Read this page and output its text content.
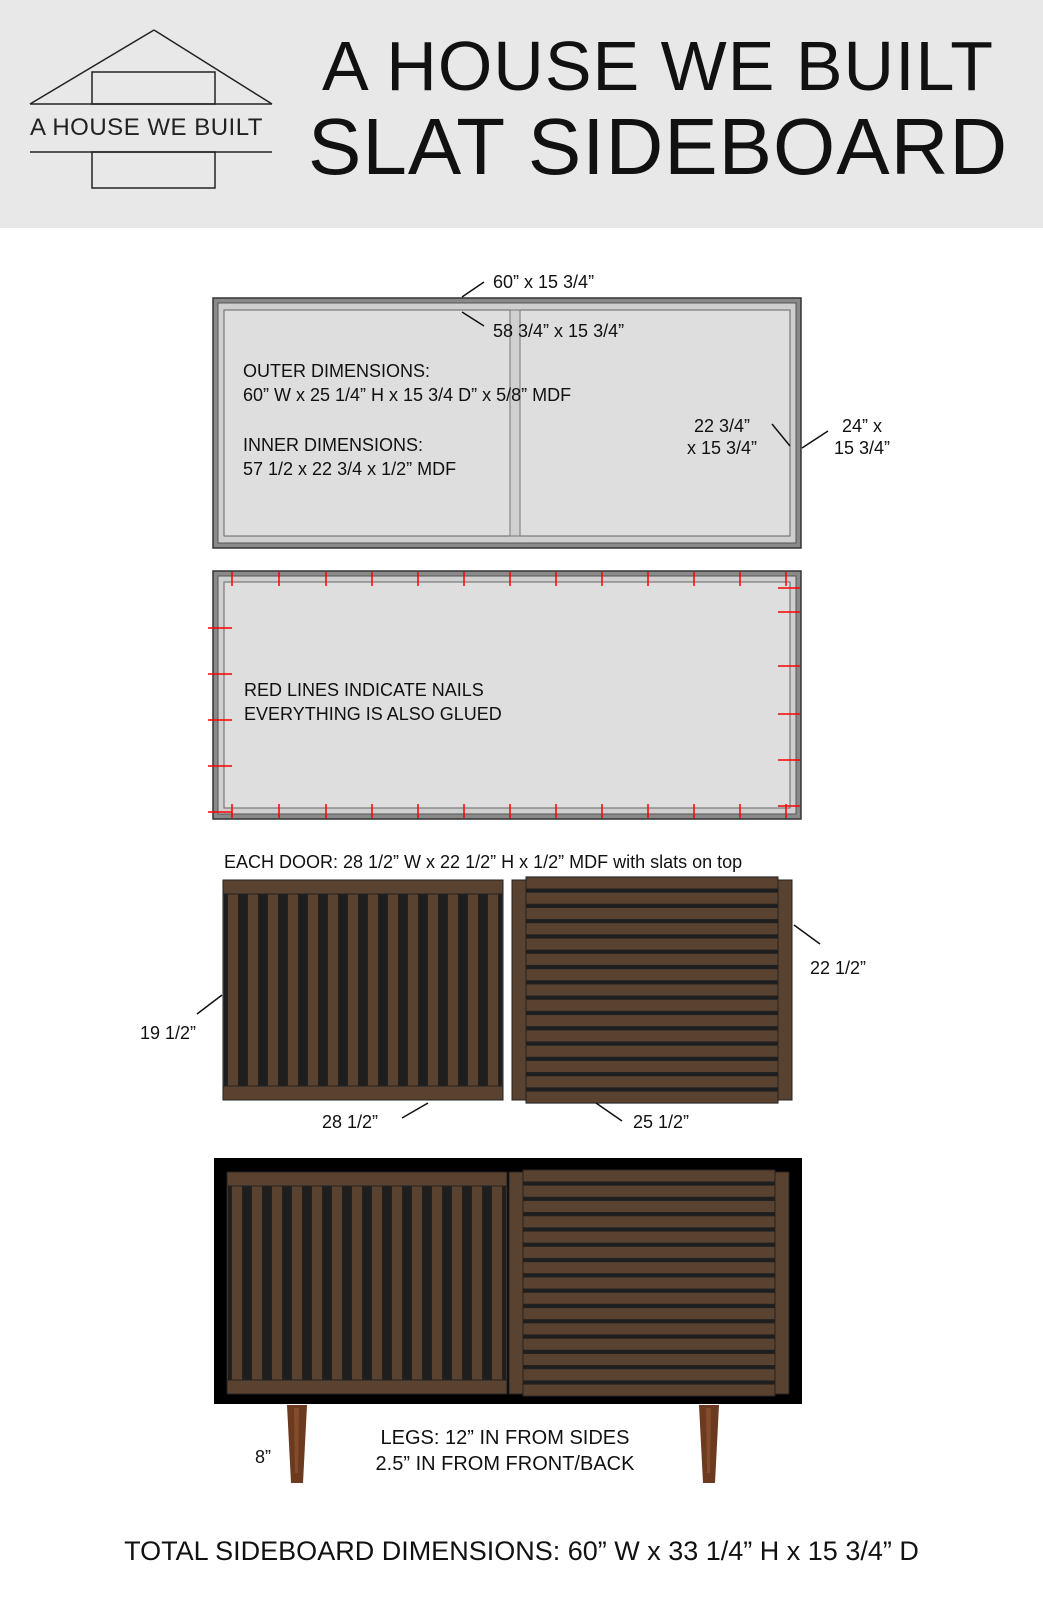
A HOUSE WE BUILT
A HOUSE WE BUILT
SLAT SIDEBOARD
60” x 15 3/4”
58 3/4” x 15 3/4”
OUTER DIMENSIONS:
60” W x 25 1/4” H x 15 3/4 D” x 5/8” MDF
INNER DIMENSIONS:
57 1/2 x 22 3/4 x 1/2” MDF
22 3/4”
x 15 3/4”
24” x
15 3/4”
RED LINES INDICATE NAILS
EVERYTHING IS ALSO GLUED
EACH DOOR: 28 1/2” W x 22 1/2” H x 1/2” MDF with slats on top
19 1/2”
28 1/2”	25 1/2”
22 1/2”
8”
LEGS: 12” IN FROM SIDES
2.5” IN FROM FRONT/BACK
TOTAL SIDEBOARD DIMENSIONS: 60” W x 33 1/4” H x 15 3/4” D
